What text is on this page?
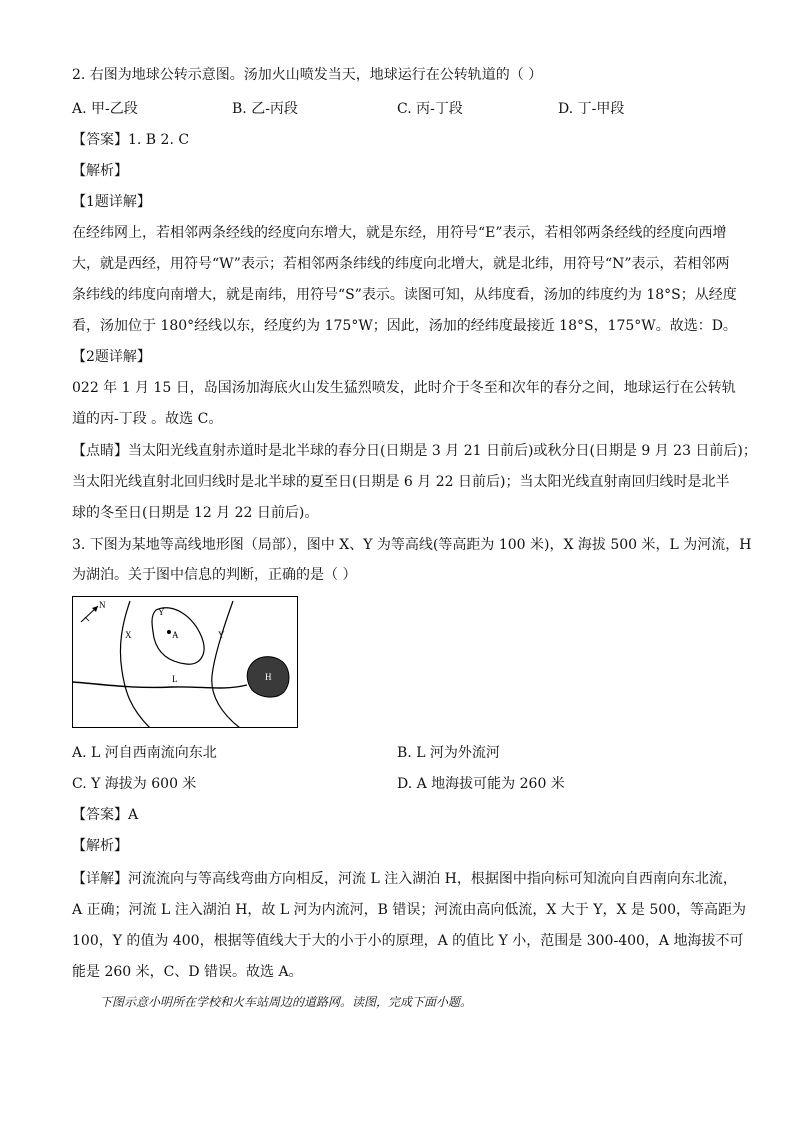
2. 右图为地球公转示意图。汤加火山喷发当天，地球运行在公转轨道的（ ）
A. 甲-乙段	B. 乙-丙段	C. 丙-丁段	D. 丁-甲段
【答案】1. B 2. C
【解析】
【1题详解】
在经纬网上，若相邻两条经线的经度向东增大，就是东经，用符号“E”表示，若相邻两条经线的经度向西增
大，就是西经，用符号“W”表示；若相邻两条纬线的纬度向北增大，就是北纬，用符号“N”表示，若相邻两
条纬线的纬度向南增大，就是南纬，用符号“S”表示。读图可知，从纬度看，汤加的纬度约为 18°S；从经度
看，汤加位于 180°经线以东，经度约为 175°W；因此，汤加的经纬度最接近 18°S，175°W。故选：D。
【2题详解】
022 年 1 月 15 日，岛国汤加海底火山发生猛烈喷发，此时介于冬至和次年的春分之间，地球运行在公转轨
道的丙-丁段 。故选 C。
【点睛】当太阳光线直射赤道时是北半球的春分日(日期是 3 月 21 日前后)或秋分日(日期是 9 月 23 日前后)；
当太阳光线直射北回归线时是北半球的夏至日(日期是 6 月 22 日前后)；当太阳光线直射南回归线时是北半
球的冬至日(日期是 12 月 22 日前后)。
3. 下图为某地等高线地形图（局部），图中 X、Y 为等高线(等高距为 100 米)，X 海拔 500 米，L 为河流，H
为湖泊。关于图中信息的判断，正确的是（ ）
N
X
Y
A	Y
L	H
A. L 河自西南流向东北	B. L 河为外流河
C. Y 海拔为 600 米	D. A 地海拔可能为 260 米
【答案】A
【解析】
【详解】河流流向与等高线弯曲方向相反，河流 L 注入湖泊 H，根据图中指向标可知流向自西南向东北流，
A 正确；河流 L 注入湖泊 H，故 L 河为内流河，B 错误；河流由高向低流，X 大于 Y，X 是 500，等高距为
100，Y 的值为 400，根据等值线大于大的小于小的原理，A 的值比 Y 小，范围是 300-400，A 地海拔不可
能是 260 米，C、D 错误。故选 A。
下图示意小明所在学校和火车站周边的道路网。读图，完成下面小题。
